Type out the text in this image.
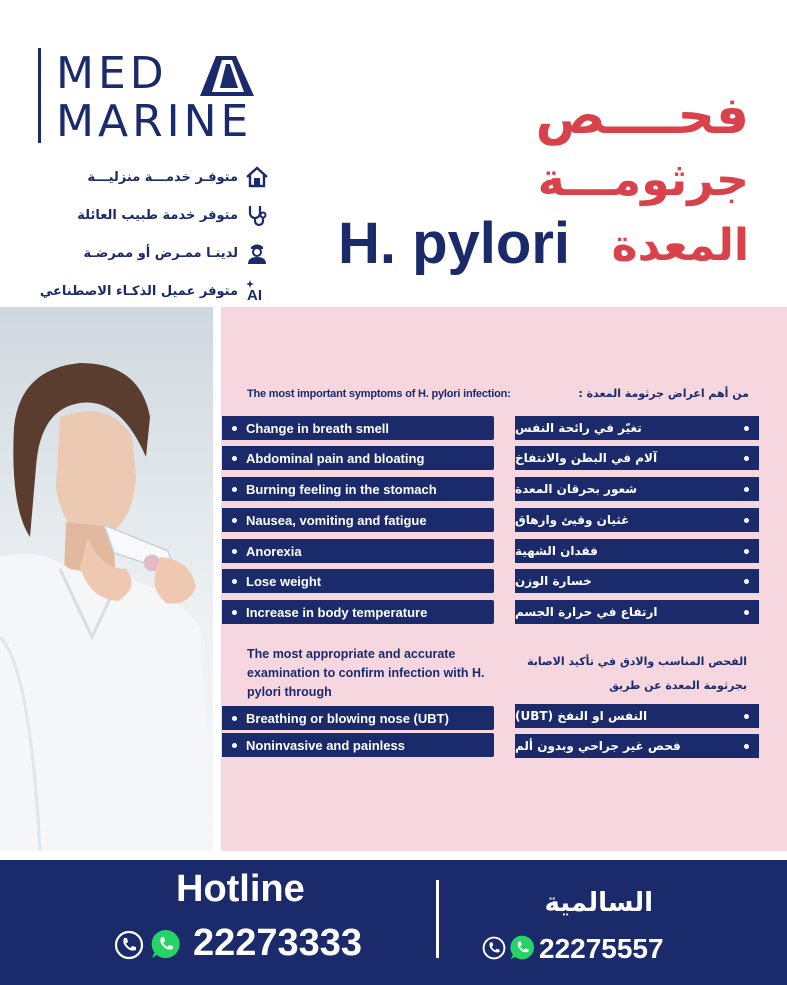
MED
MARINE
متوفـر خدمـــة منزليـــة
متوفر خدمة طبيب العائلة
لدينـا ممـرض أو ممرضـة
متوفر عميل الذكـاء الاصطناعي AI
فحــــص
جرثومـــة
المعدة
H. pylori
The most important symptoms of H. pylori infection:	من أهم اعراض جرثومة المعدة :
Change in breath smell
Abdominal pain and bloating
Burning feeling in the stomach
Nausea, vomiting and fatigue
Anorexia
Lose weight
Increase in body temperature
تغيّر في رائحة النفس
آلام في البطن والانتفاخ
شعور بحرقان المعدة
غثيان وقيئ وارهاق
فقدان الشهية
خسارة الوزن
ارتفاع في حرارة الجسم
The most appropriate and accurate examination to confirm infection with H. pylori through
الفحص المناسب والادق في تأكيد الاصابة
بجرثومة المعدة عن طريق
Breathing or blowing nose (UBT)
Noninvasive and painless
النفس او النفخ (UBT)
فحص غير جراحي وبدون ألم
Hotline
22273333
السالمية
22275557
